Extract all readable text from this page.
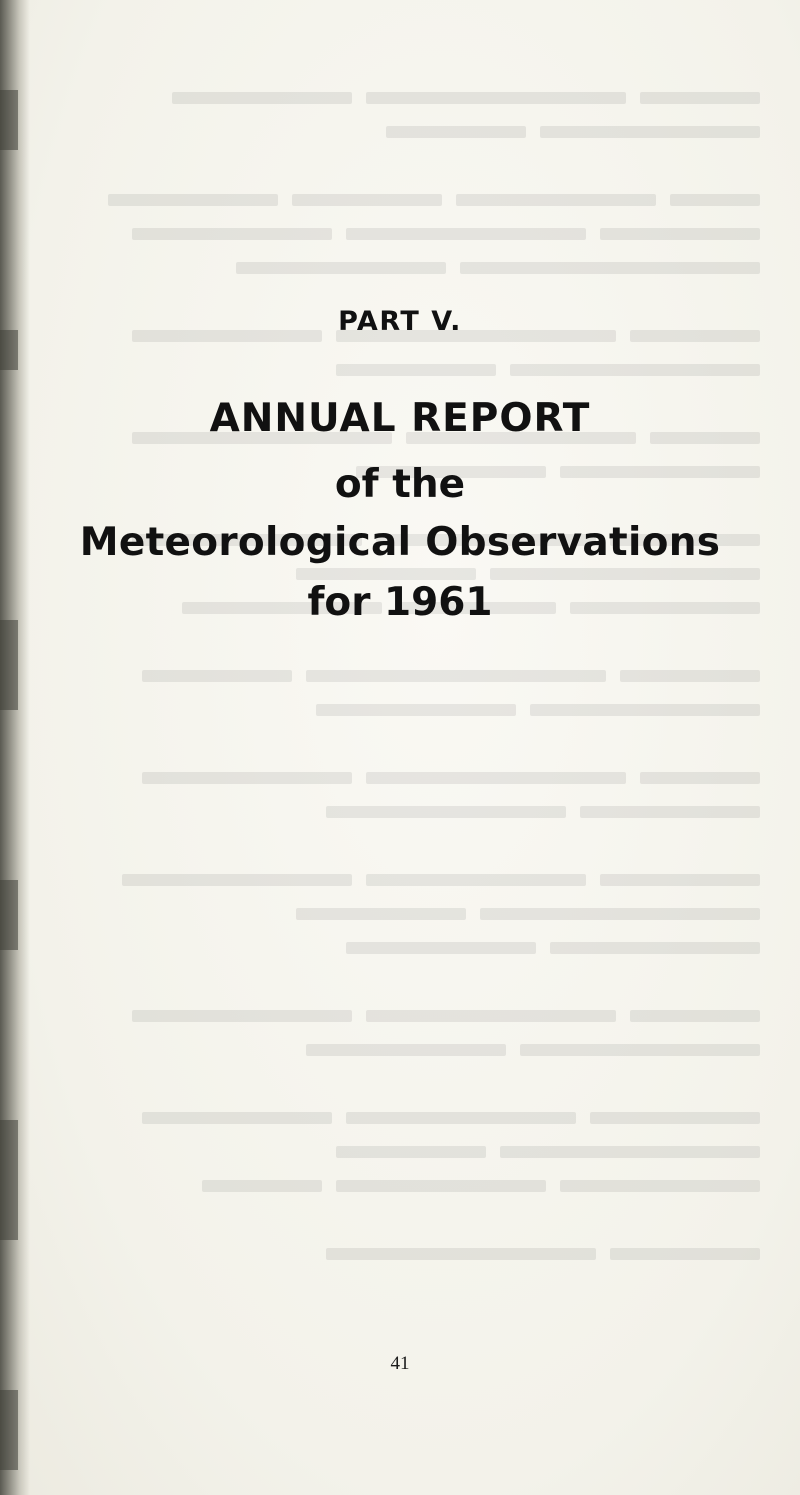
PART V.
ANNUAL REPORT
of the
Meteorological Observations
for 1961
41
